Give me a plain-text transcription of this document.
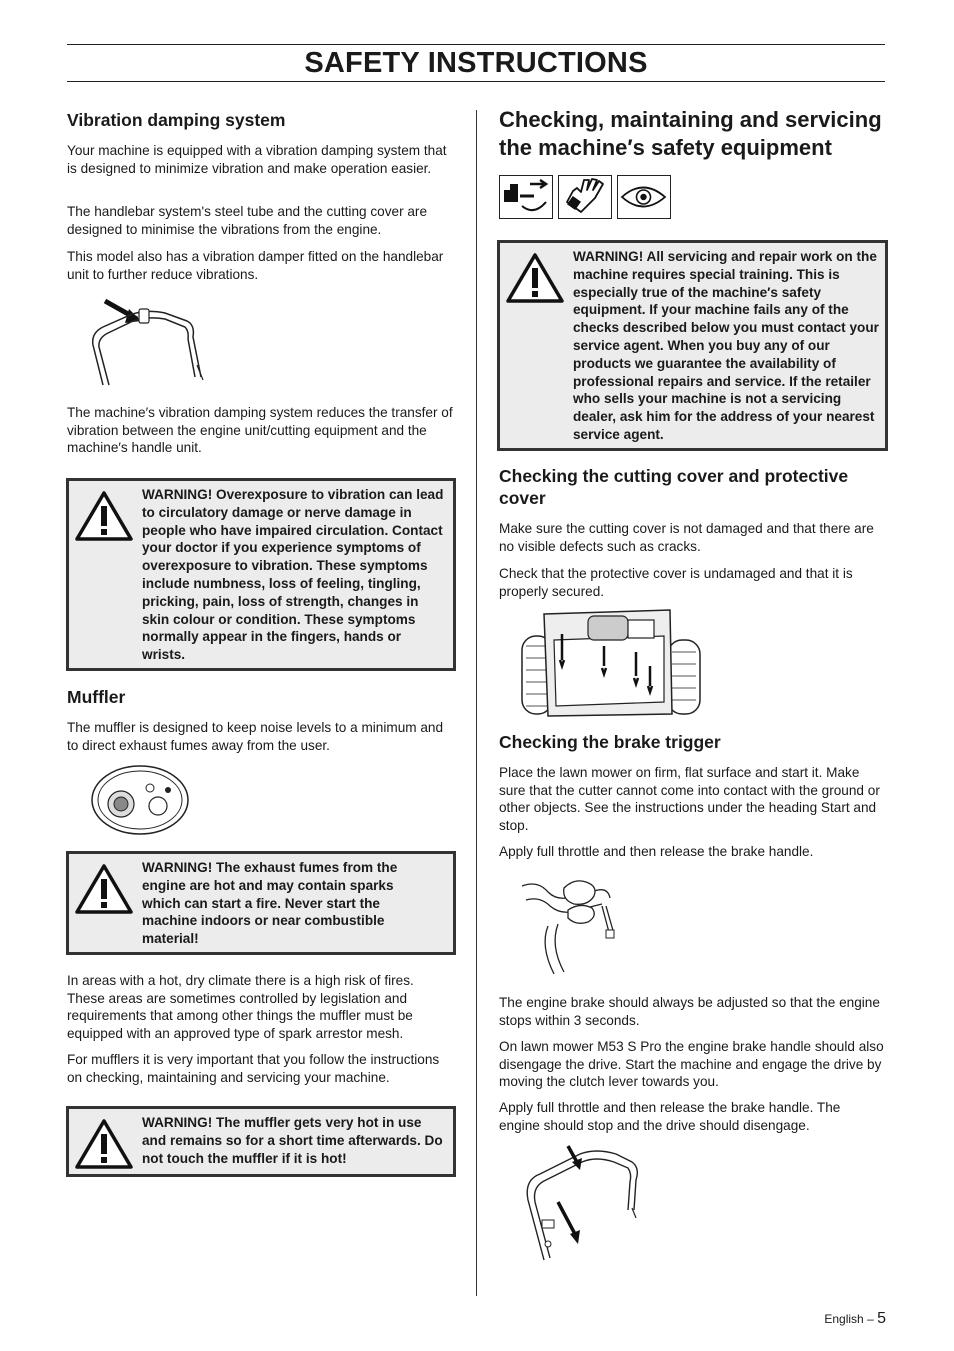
SAFETY INSTRUCTIONS
Vibration damping system

Your machine is equipped with a vibration damping system that is designed to minimize vibration and make operation easier.

The handlebar system's steel tube and the cutting cover are designed to minimise the vibrations from the engine.

This model also has a vibration damper fitted on the handlebar unit to further reduce vibrations.

The machine′s vibration damping system reduces the transfer of vibration between the engine unit/cutting equipment and the machine′s handle unit.

WARNING! Overexposure to vibration can lead to circulatory damage or nerve damage in people who have impaired circulation. Contact your doctor if you experience symptoms of overexposure to vibration. These symptoms include numbness, loss of feeling, tingling, pricking, pain, loss of strength, changes in skin colour or condition. These symptoms normally appear in the fingers, hands or wrists.
Muffler

The muffler is designed to keep noise levels to a minimum and to direct exhaust fumes away from the user.

WARNING! The exhaust fumes from the engine are hot and may contain sparks which can start a fire. Never start the machine indoors or near combustible material!

In areas with a hot, dry climate there is a high risk of fires. These areas are sometimes controlled by legislation and requirements that among other things the muffler must be equipped with an approved type of spark arrestor mesh.

For mufflers it is very important that you follow the instructions on checking, maintaining and servicing your machine.

WARNING! The muffler gets very hot in use and remains so for a short time afterwards. Do not touch the muffler if it is hot!
Checking, maintaining and servicing the machine′s safety equipment
WARNING! All servicing and repair work on the machine requires special training. This is especially true of the machine′s safety equipment. If your machine fails any of the checks described below you must contact your service agent. When you buy any of our products we guarantee the availability of professional repairs and service. If the retailer who sells your machine is not a servicing dealer, ask him for the address of your nearest service agent.
Checking the cutting cover and protective cover

Make sure the cutting cover is not damaged and that there are no visible defects such as cracks.

Check that the protective cover is undamaged and that it is properly secured.

Checking the brake trigger

Place the lawn mower on firm, flat surface and start it. Make sure that the cutter cannot come into contact with the ground or other objects. See the instructions under the heading Start and stop.

Apply full throttle and then release the brake handle.

The engine brake should always be adjusted so that the engine stops within 3 seconds.

On lawn mower M53 S Pro the engine brake handle should also disengage the drive. Start the machine and engage the drive by moving the clutch lever towards you.

Apply full throttle and then release the brake handle. The engine should stop and the drive should disengage.

English – 5
